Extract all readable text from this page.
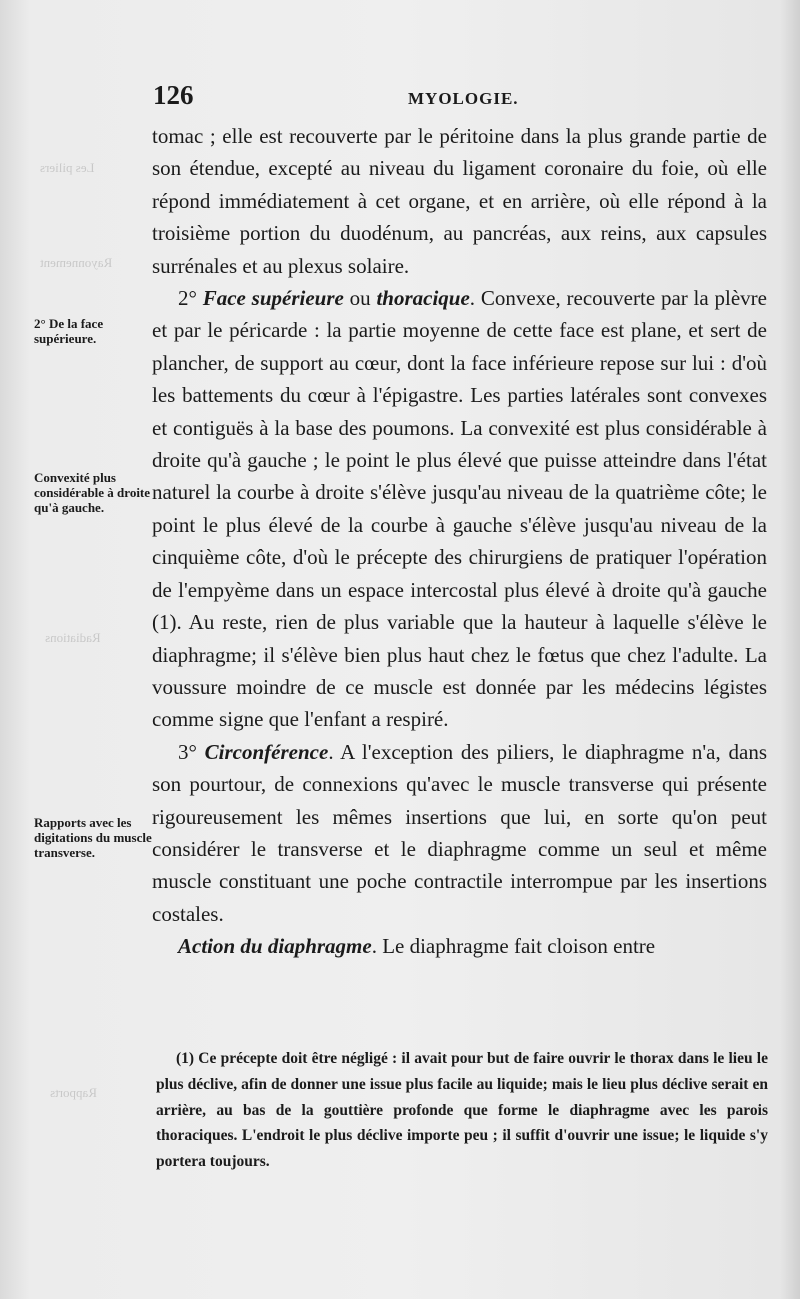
Les piliers
Rayonnement
Radiations
Rapports
126	MYOLOGIE.
2° De la face supérieure.
Convexité plus considérable à droite qu'à gauche.
Rapports avec les digitations du muscle transverse.

tomac ; elle est recouverte par le péritoine dans la plus grande partie de son étendue, excepté au niveau du ligament coronaire du foie, où elle répond immédiatement à cet organe, et en arrière, où elle répond à la troisième portion du duodénum, au pancréas, aux reins, aux capsules surrénales et au plexus solaire.

2° Face supérieure ou thoracique. Convexe, recouverte par la plèvre et par le péricarde : la partie moyenne de cette face est plane, et sert de plancher, de support au cœur, dont la face inférieure repose sur lui : d'où les battements du cœur à l'épigastre. Les parties latérales sont convexes et contiguës à la base des poumons. La convexité est plus considérable à droite qu'à gauche ; le point le plus élevé que puisse atteindre dans l'état naturel la courbe à droite s'élève jusqu'au niveau de la quatrième côte; le point le plus élevé de la courbe à gauche s'élève jusqu'au niveau de la cinquième côte, d'où le précepte des chirurgiens de pratiquer l'opération de l'empyème dans un espace intercostal plus élevé à droite qu'à gauche (1). Au reste, rien de plus variable que la hauteur à laquelle s'élève le diaphragme; il s'élève bien plus haut chez le fœtus que chez l'adulte. La voussure moindre de ce muscle est donnée par les médecins légistes comme signe que l'enfant a respiré.

3° Circonférence. A l'exception des piliers, le diaphragme n'a, dans son pourtour, de connexions qu'avec le muscle transverse qui présente rigoureusement les mêmes insertions que lui, en sorte qu'on peut considérer le transverse et le diaphragme comme un seul et même muscle constituant une poche contractile interrompue par les insertions costales.

Action du diaphragme. Le diaphragme fait cloison entre

(1) Ce précepte doit être négligé : il avait pour but de faire ouvrir le thorax dans le lieu le plus déclive, afin de donner une issue plus facile au liquide; mais le lieu plus déclive serait en arrière, au bas de la gouttière profonde que forme le diaphragme avec les parois thoraciques. L'endroit le plus déclive importe peu ; il suffit d'ouvrir une issue; le liquide s'y portera toujours.
